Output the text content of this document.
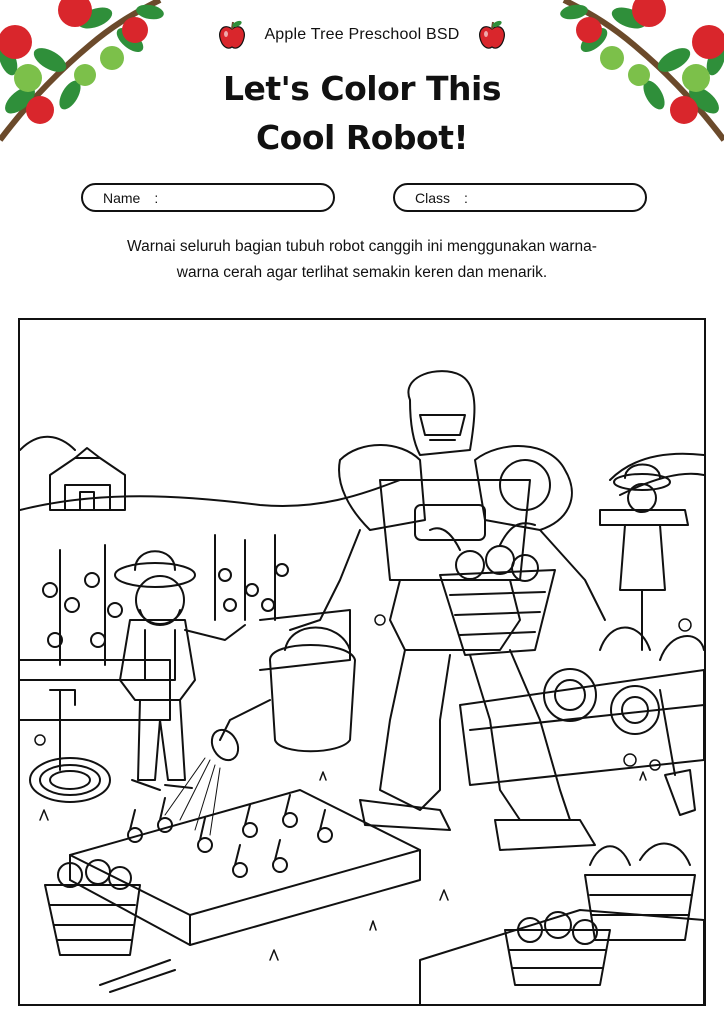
Apple Tree Preschool BSD
Let's Color This
Cool Robot!
Name :	Class :
Warnai seluruh bagian tubuh robot canggih ini menggunakan warna-
warna cerah agar terlihat semakin keren dan menarik.
